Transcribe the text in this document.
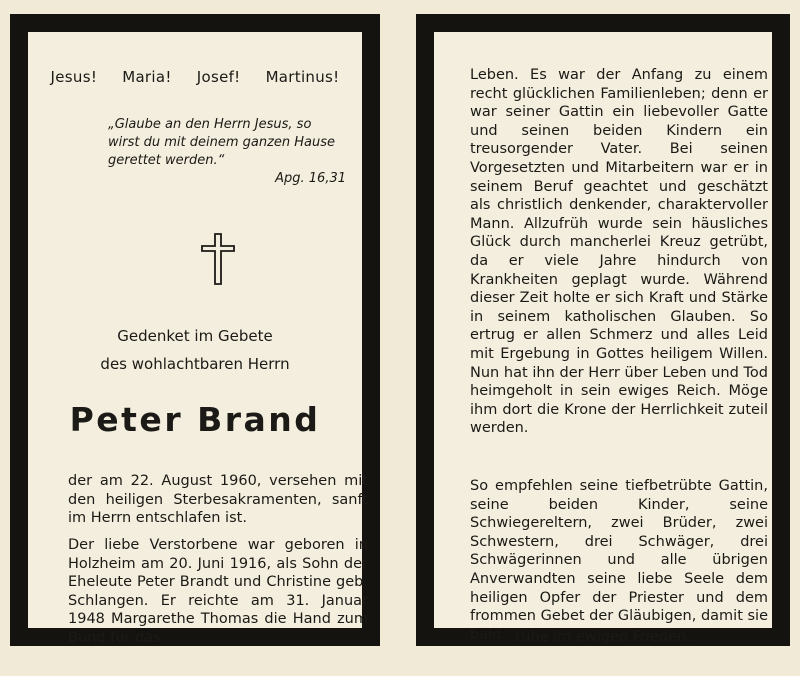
Jesus! Maria! Josef! Martinus!
„Glaube an den Herrn Jesus, so wirst du mit deinem ganzen Hause gerettet werden.“
Apg. 16,31
Gedenket im Gebete
des wohlachtbaren Herrn
Peter Brand
der am 22. August 1960, versehen mit den heiligen Sterbesakramenten, sanft im Herrn entschlafen ist.
Der liebe Verstorbene war geboren in Holzheim am 20. Juni 1916, als Sohn der Eheleute Peter Brandt und Christine geb. Schlangen. Er reichte am 31. Januar 1948 Margarethe Thomas die Hand zum Bund für das
Leben. Es war der Anfang zu einem recht glücklichen Familienleben; denn er war seiner Gattin ein liebevoller Gatte und seinen beiden Kindern ein treusorgender Vater. Bei seinen Vorgesetzten und Mitarbeitern war er in seinem Beruf geachtet und geschätzt als christlich denkender, charaktervoller Mann. Allzufrüh wurde sein häusliches Glück durch mancherlei Kreuz getrübt, da er viele Jahre hindurch von Krankheiten geplagt wurde. Während dieser Zeit holte er sich Kraft und Stärke in seinem katholischen Glauben. So ertrug er allen Schmerz und alles Leid mit Ergebung in Gottes heiligem Willen. Nun hat ihn der Herr über Leben und Tod heimgeholt in sein ewiges Reich. Möge ihm dort die Krone der Herrlichkeit zuteil werden.
So empfehlen seine tiefbetrübte Gattin, seine beiden Kinder, seine Schwiegereltern, zwei Brüder, zwei Schwestern, drei Schwäger, drei Schwägerinnen und alle übrigen Anverwandten seine liebe Seele dem heiligen Opfer der Priester und dem frommen Gebet der Gläubigen, damit sie bald ruhe im ewigen Frieden.
